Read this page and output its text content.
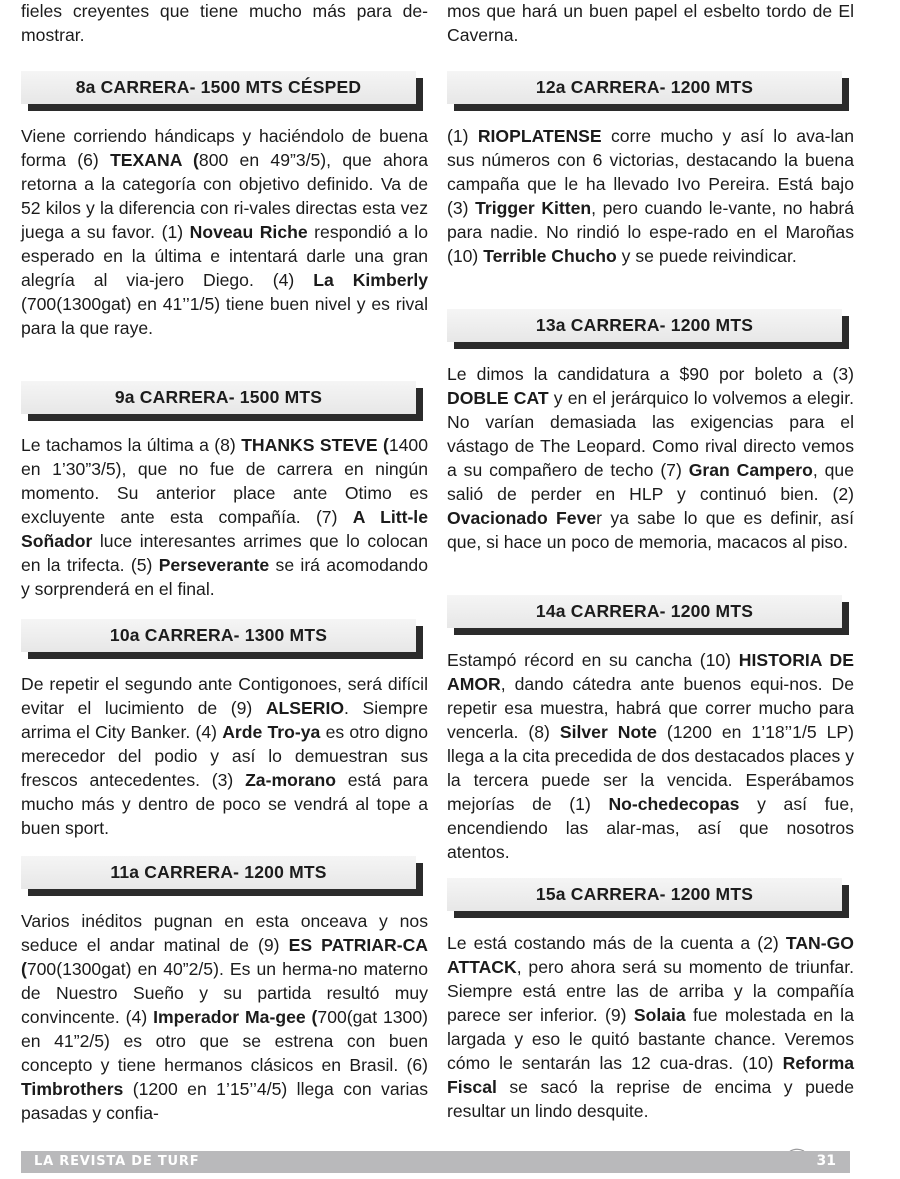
fieles creyentes que tiene mucho más para de-mostrar.
8a CARRERA- 1500 MTS CÉSPED
Viene corriendo hándicaps y haciéndolo de buena forma (6) TEXANA (800 en 49”3/5), que ahora retorna a la categoría con objetivo definido. Va de 52 kilos y la diferencia con ri-vales directas esta vez juega a su favor. (1) Noveau Riche respondió a lo esperado en la última e intentará darle una gran alegría al via-jero Diego. (4) La Kimberly (700(1300gat) en 41’’1/5) tiene buen nivel y es rival para la que raye.
9a CARRERA- 1500 MTS
Le tachamos la última a (8) THANKS STEVE (1400 en 1’30”3/5), que no fue de carrera en ningún momento. Su anterior place ante Otimo es excluyente ante esta compañía. (7) A Litt-le Soñador luce interesantes arrimes que lo colocan en la trifecta. (5) Perseverante se irá acomodando y sorprenderá en el final.
10a CARRERA- 1300 MTS
De repetir el segundo ante Contigonoes, será difícil evitar el lucimiento de (9) ALSERIO. Siempre arrima el City Banker. (4) Arde Tro-ya es otro digno merecedor del podio y así lo demuestran sus frescos antecedentes. (3) Za-morano está para mucho más y dentro de poco se vendrá al tope a buen sport.
11a CARRERA- 1200 MTS
Varios inéditos pugnan en esta onceava y nos seduce el andar matinal de (9) ES PATRIAR-CA (700(1300gat) en 40”2/5). Es un herma-no materno de Nuestro Sueño y su partida resultó muy convincente. (4) Imperador Ma-gee (700(gat 1300) en 41”2/5) es otro que se estrena con buen concepto y tiene hermanos clásicos en Brasil. (6) Timbrothers (1200 en 1’15’’4/5) llega con varias pasadas y confia-
mos que hará un buen papel el esbelto tordo de El Caverna.
12a CARRERA- 1200 MTS
(1) RIOPLATENSE corre mucho y así lo ava-lan sus números con 6 victorias, destacando la buena campaña que le ha llevado Ivo Pereira. Está bajo (3) Trigger Kitten, pero cuando le-vante, no habrá para nadie. No rindió lo espe-rado en el Maroñas (10) Terrible Chucho y se puede reivindicar.
13a CARRERA- 1200 MTS
Le dimos la candidatura a $90 por boleto a (3) DOBLE CAT y en el jerárquico lo volvemos a elegir. No varían demasiada las exigencias para el vástago de The Leopard. Como rival directo vemos a su compañero de techo (7) Gran Campero, que salió de perder en HLP y continuó bien. (2) Ovacionado Fever ya sabe lo que es definir, así que, si hace un poco de memoria, macacos al piso.
14a CARRERA- 1200 MTS
Estampó récord en su cancha (10) HISTORIA DE AMOR, dando cátedra ante buenos equi-nos. De repetir esa muestra, habrá que correr mucho para vencerla. (8) Silver Note (1200 en 1’18’’1/5 LP) llega a la cita precedida de dos destacados places y la tercera puede ser la vencida. Esperábamos mejorías de (1) No-chedecopas y así fue, encendiendo las alar-mas, así que nosotros atentos.
15a CARRERA- 1200 MTS
Le está costando más de la cuenta a (2) TAN-GO ATTACK, pero ahora será su momento de triunfar. Siempre está entre las de arriba y la compañía parece ser inferior. (9) Solaia fue molestada en la largada y eso le quitó bastante chance. Veremos cómo le sentarán las 12 cua-dras. (10) Reforma Fiscal se sacó la reprise de encima y puede resultar un lindo desquite.
LA REVISTA DE TURF	31
